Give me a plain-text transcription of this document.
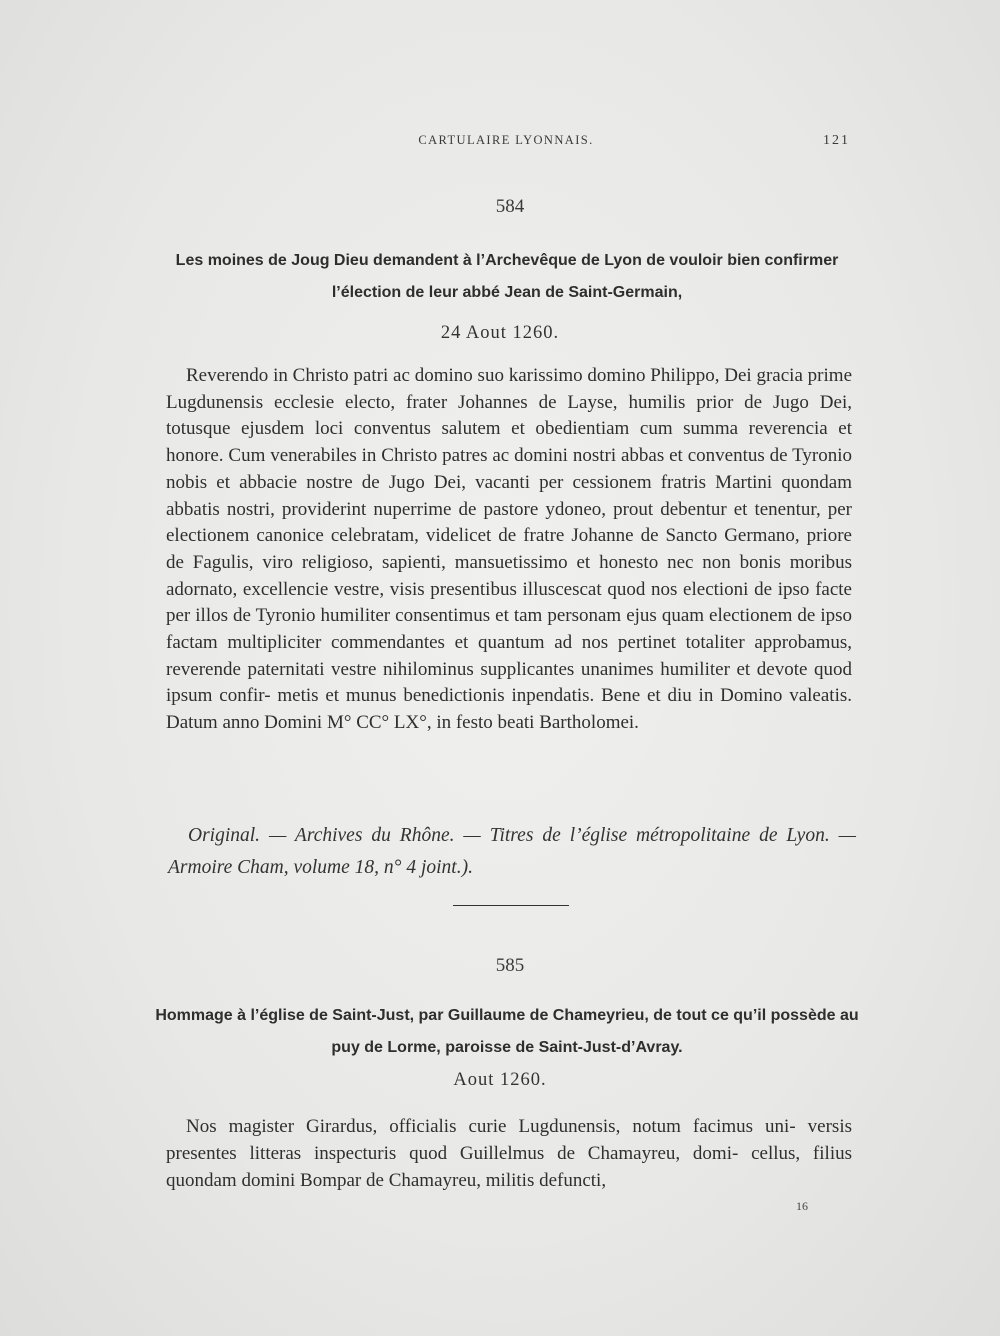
CARTULAIRE LYONNAIS.	121
584
Les moines de Joug Dieu demandent à l’Archevêque de Lyon de vouloir bien confirmer l’élection de leur abbé Jean de Saint-Germain,
24 Aout 1260.
Reverendo in Christo patri ac domino suo karissimo domino Philippo, Dei gracia prime Lugdunensis ecclesie electo, frater Johannes de Layse, humilis prior de Jugo Dei, totusque ejusdem loci conventus salutem et obedientiam cum summa reverencia et honore. Cum venerabiles in Christo patres ac domini nostri abbas et conventus de Tyronio nobis et abbacie nostre de Jugo Dei, vacanti per cessionem fratris Martini quondam abbatis nostri, providerint nuperrime de pastore ydoneo, prout debentur et tenentur, per electionem canonice celebratam, videlicet de fratre Johanne de Sancto Germano, priore de Fagulis, viro religioso, sapienti, mansuetissimo et honesto nec non bonis moribus adornato, excellencie vestre, visis presentibus illuscescat quod nos electioni de ipso facte per illos de Tyronio humiliter consentimus et tam personam ejus quam electionem de ipso factam multipliciter commendantes et quantum ad nos pertinet totaliter approbamus, reverende paternitati vestre nihilominus supplicantes unanimes humiliter et devote quod ipsum confir- metis et munus benedictionis inpendatis. Bene et diu in Domino valeatis. Datum anno Domini M° CC° LX°, in festo beati Bartholomei.
Original. — Archives du Rhône. — Titres de l’église métropolitaine de Lyon. — Armoire Cham, volume 18, n° 4 joint.).
585
Hommage à l’église de Saint-Just, par Guillaume de Chameyrieu, de tout ce qu’il possède au puy de Lorme, paroisse de Saint-Just-d’Avray.
Aout 1260.
Nos magister Girardus, officialis curie Lugdunensis, notum facimus uni- versis presentes litteras inspecturis quod Guillelmus de Chamayreu, domi- cellus, filius quondam domini Bompar de Chamayreu, militis defuncti,
16
